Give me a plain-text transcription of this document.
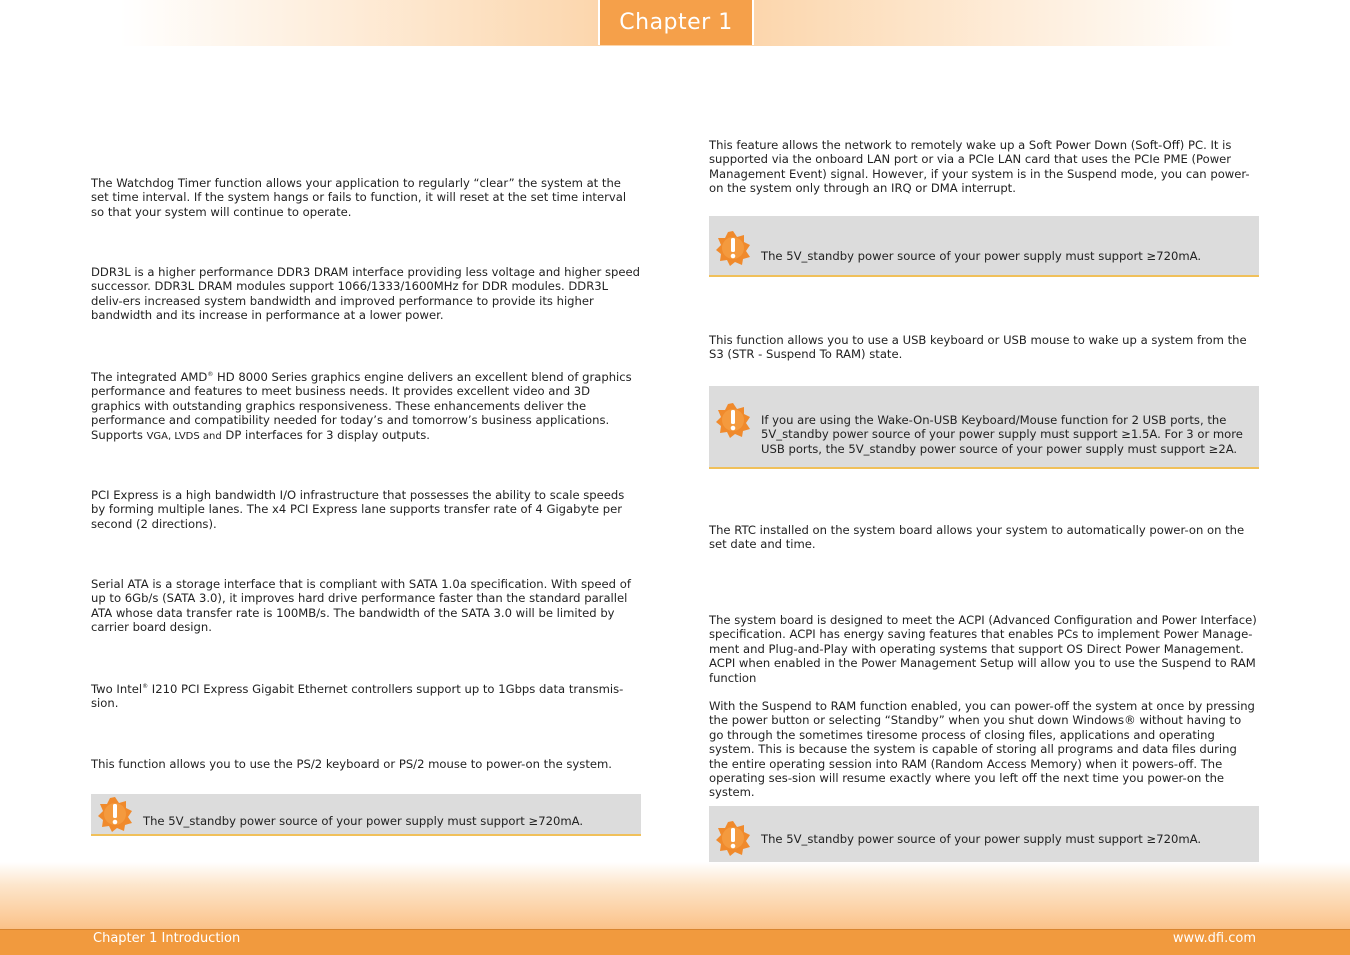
Chapter 1

The Watchdog Timer function allows your application to regularly “clear” the system at the set time interval. If the system hangs or fails to function, it will reset at the set time interval so that your system will continue to operate.

DDR3L is a higher performance DDR3 DRAM interface providing less voltage and higher speed successor. DDR3L DRAM modules support 1066/1333/1600MHz for DDR modules. DDR3L deliv-ers increased system bandwidth and improved performance to provide its higher bandwidth and its increase in performance at a lower power.

The integrated AMD® HD 8000 Series graphics engine delivers an excellent blend of graphics performance and features to meet business needs. It provides excellent video and 3D graphics with outstanding graphics responsiveness. These enhancements deliver the performance and compatibility needed for today’s and tomorrow’s business applications. Supports VGA, LVDS and DP interfaces for 3 display outputs.

PCI Express is a high bandwidth I/O infrastructure that possesses the ability to scale speeds by forming multiple lanes. The x4 PCI Express lane supports transfer rate of 4 Gigabyte per second (2 directions).

Serial ATA is a storage interface that is compliant with SATA 1.0a specification. With speed of up to 6Gb/s (SATA 3.0), it improves hard drive performance faster than the standard parallel ATA whose data transfer rate is 100MB/s. The bandwidth of the SATA 3.0 will be limited by carrier board design.

Two Intel® I210 PCI Express Gigabit Ethernet controllers support up to 1Gbps data transmis-sion.

This function allows you to use the PS/2 keyboard or PS/2 mouse to power-on the system.

The 5V_standby power source of your power supply must support ≥720mA.

This feature allows the network to remotely wake up a Soft Power Down (Soft-Off) PC. It is supported via the onboard LAN port or via a PCIe LAN card that uses the PCIe PME (Power Management Event) signal. However, if your system is in the Suspend mode, you can power-on the system only through an IRQ or DMA interrupt.

This function allows you to use a USB keyboard or USB mouse to wake up a system from the S3 (STR - Suspend To RAM) state.

The RTC installed on the system board allows your system to automatically power-on on the set date and time.

The system board is designed to meet the ACPI (Advanced Configuration and Power Interface) specification. ACPI has energy saving features that enables PCs to implement Power Manage-ment and Plug-and-Play with operating systems that support OS Direct Power Management. ACPI when enabled in the Power Management Setup will allow you to use the Suspend to RAM function

With the Suspend to RAM function enabled, you can power-off the system at once by pressing the power button or selecting “Standby” when you shut down Windows® without having to go through the sometimes tiresome process of closing files, applications and operating system. This is because the system is capable of storing all programs and data files during the entire operating session into RAM (Random Access Memory) when it powers-off. The operating ses-sion will resume exactly where you left off the next time you power-on the system.

The 5V_standby power source of your power supply must support ≥720mA.
If you are using the Wake-On-USB Keyboard/Mouse function for 2 USB ports, the 5V_standby power source of your power supply must support ≥1.5A. For 3 or more USB ports, the 5V_standby power source of your power supply must support ≥2A.
The 5V_standby power source of your power supply must support ≥720mA.
Chapter 1 Introduction	www.dfi.com
